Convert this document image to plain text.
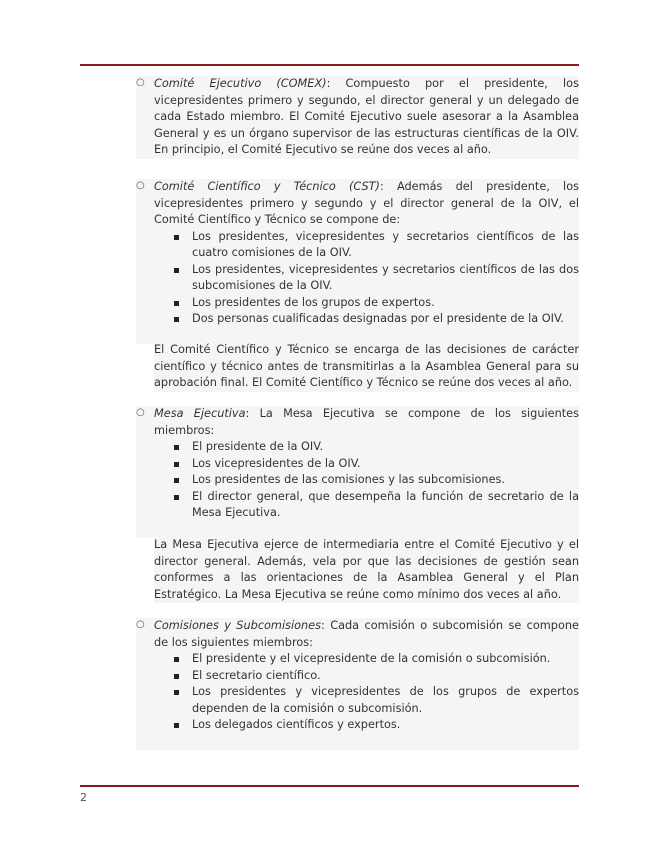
○ Comité Ejecutivo (COMEX): Compuesto por el presidente, los vicepresidentes primero y segundo, el director general y un delegado de cada Estado miembro. El Comité Ejecutivo suele asesorar a la Asamblea General y es un órgano supervisor de las estructuras científicas de la OIV. En principio, el Comité Ejecutivo se reúne dos veces al año.
○ Comité Científico y Técnico (CST): Además del presidente, los vicepresidentes primero y segundo y el director general de la OIV, el Comité Científico y Técnico se compone de:
Los presidentes, vicepresidentes y secretarios científicos de las cuatro comisiones de la OIV.
Los presidentes, vicepresidentes y secretarios científicos de las dos subcomisiones de la OIV.
Los presidentes de los grupos de expertos.
Dos personas cualificadas designadas por el presidente de la OIV.
El Comité Científico y Técnico se encarga de las decisiones de carácter científico y técnico antes de transmitirlas a la Asamblea General para su aprobación final. El Comité Científico y Técnico se reúne dos veces al año.
○ Mesa Ejecutiva: La Mesa Ejecutiva se compone de los siguientes miembros:
El presidente de la OIV.
Los vicepresidentes de la OIV.
Los presidentes de las comisiones y las subcomisiones.
El director general, que desempeña la función de secretario de la Mesa Ejecutiva.
La Mesa Ejecutiva ejerce de intermediaria entre el Comité Ejecutivo y el director general. Además, vela por que las decisiones de gestión sean conformes a las orientaciones de la Asamblea General y el Plan Estratégico. La Mesa Ejecutiva se reúne como mínimo dos veces al año.
○ Comisiones y Subcomisiones: Cada comisión o subcomisión se compone de los siguientes miembros:
El presidente y el vicepresidente de la comisión o subcomisión.
El secretario científico.
Los presidentes y vicepresidentes de los grupos de expertos dependen de la comisión o subcomisión.
Los delegados científicos y expertos.
2
